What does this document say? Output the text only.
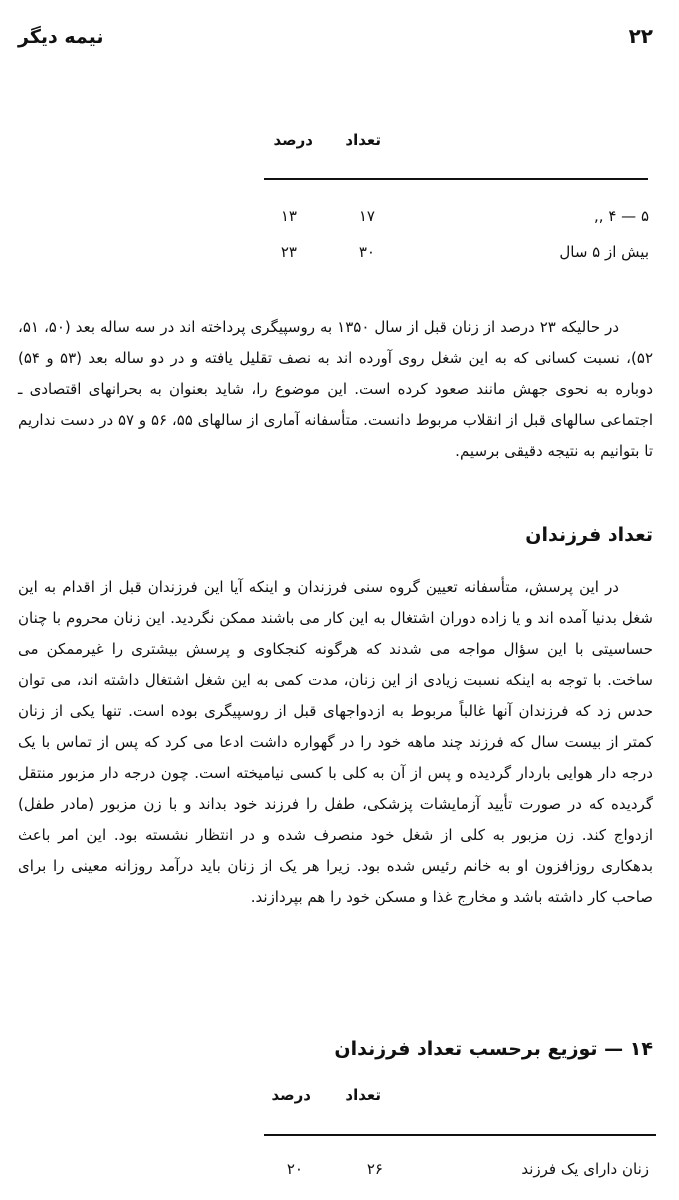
۲۲
نیمه دیگر
تعداد
درصد
۵ — ۴ ,,
۱۷
۱۳
بیش از ۵ سال
۳۰
۲۳

در حالیکه ۲۳ درصد از زنان قبل از سال ۱۳۵۰ به روسپیگری پرداخته اند در سه ساله بعد (۵۰، ۵۱، ۵۲)، نسبت کسانی که به این شغل روی آورده اند به نصف تقلیل یافته و در دو ساله بعد (۵۳ و ۵۴) دوباره به نحوی جهش مانند صعود کرده است. این موضوع را، شاید بعنوان به بحرانهای اقتصادی ـ اجتماعی سالهای قبل از انقلاب مربوط دانست. متأسفانه آماری از سالهای ۵۵، ۵۶ و ۵۷ در دست نداریم تا بتوانیم به نتیجه دقیقی برسیم.

تعداد فرزندان

در این پرسش، متأسفانه تعیین گروه سنی فرزندان و اینکه آیا این فرزندان قبل از اقدام به این شغل بدنیا آمده اند و یا زاده دوران اشتغال به این کار می باشند ممکن نگردید. این زنان محروم با چنان حساسیتی با این سؤال مواجه می شدند که هرگونه کنجکاوی و پرسش بیشتری را غیرممکن می ساخت. با توجه به اینکه نسبت زیادی از این زنان، مدت کمی به این شغل اشتغال داشته اند، می توان حدس زد که فرزندان آنها غالباً مربوط به ازدواجهای قبل از روسپیگری بوده است. تنها یکی از زنان کمتر از بیست سال که فرزند چند ماهه خود را در گهواره داشت ادعا می کرد که پس از تماس با یک درجه دار هوایی باردار گردیده و پس از آن به کلی با کسی نیامیخته است. چون درجه دار مزبور منتقل گردیده که در صورت تأیید آزمایشات پزشکی، طفل را فرزند خود بداند و با زن مزبور (مادر طفل) ازدواج کند. زن مزبور به کلی از شغل خود منصرف شده و در انتظار نشسته بود. این امر باعث بدهکاری روزافزون او به خانم رئیس شده بود. زیرا هر یک از زنان باید درآمد روزانه معینی را برای صاحب کار داشته باشد و مخارج غذا و مسکن خود را هم بپردازند.

۱۴ — توزیع برحسب تعداد فرزندان
تعداد
درصد
زنان دارای یک فرزند
۲۶
۲۰
